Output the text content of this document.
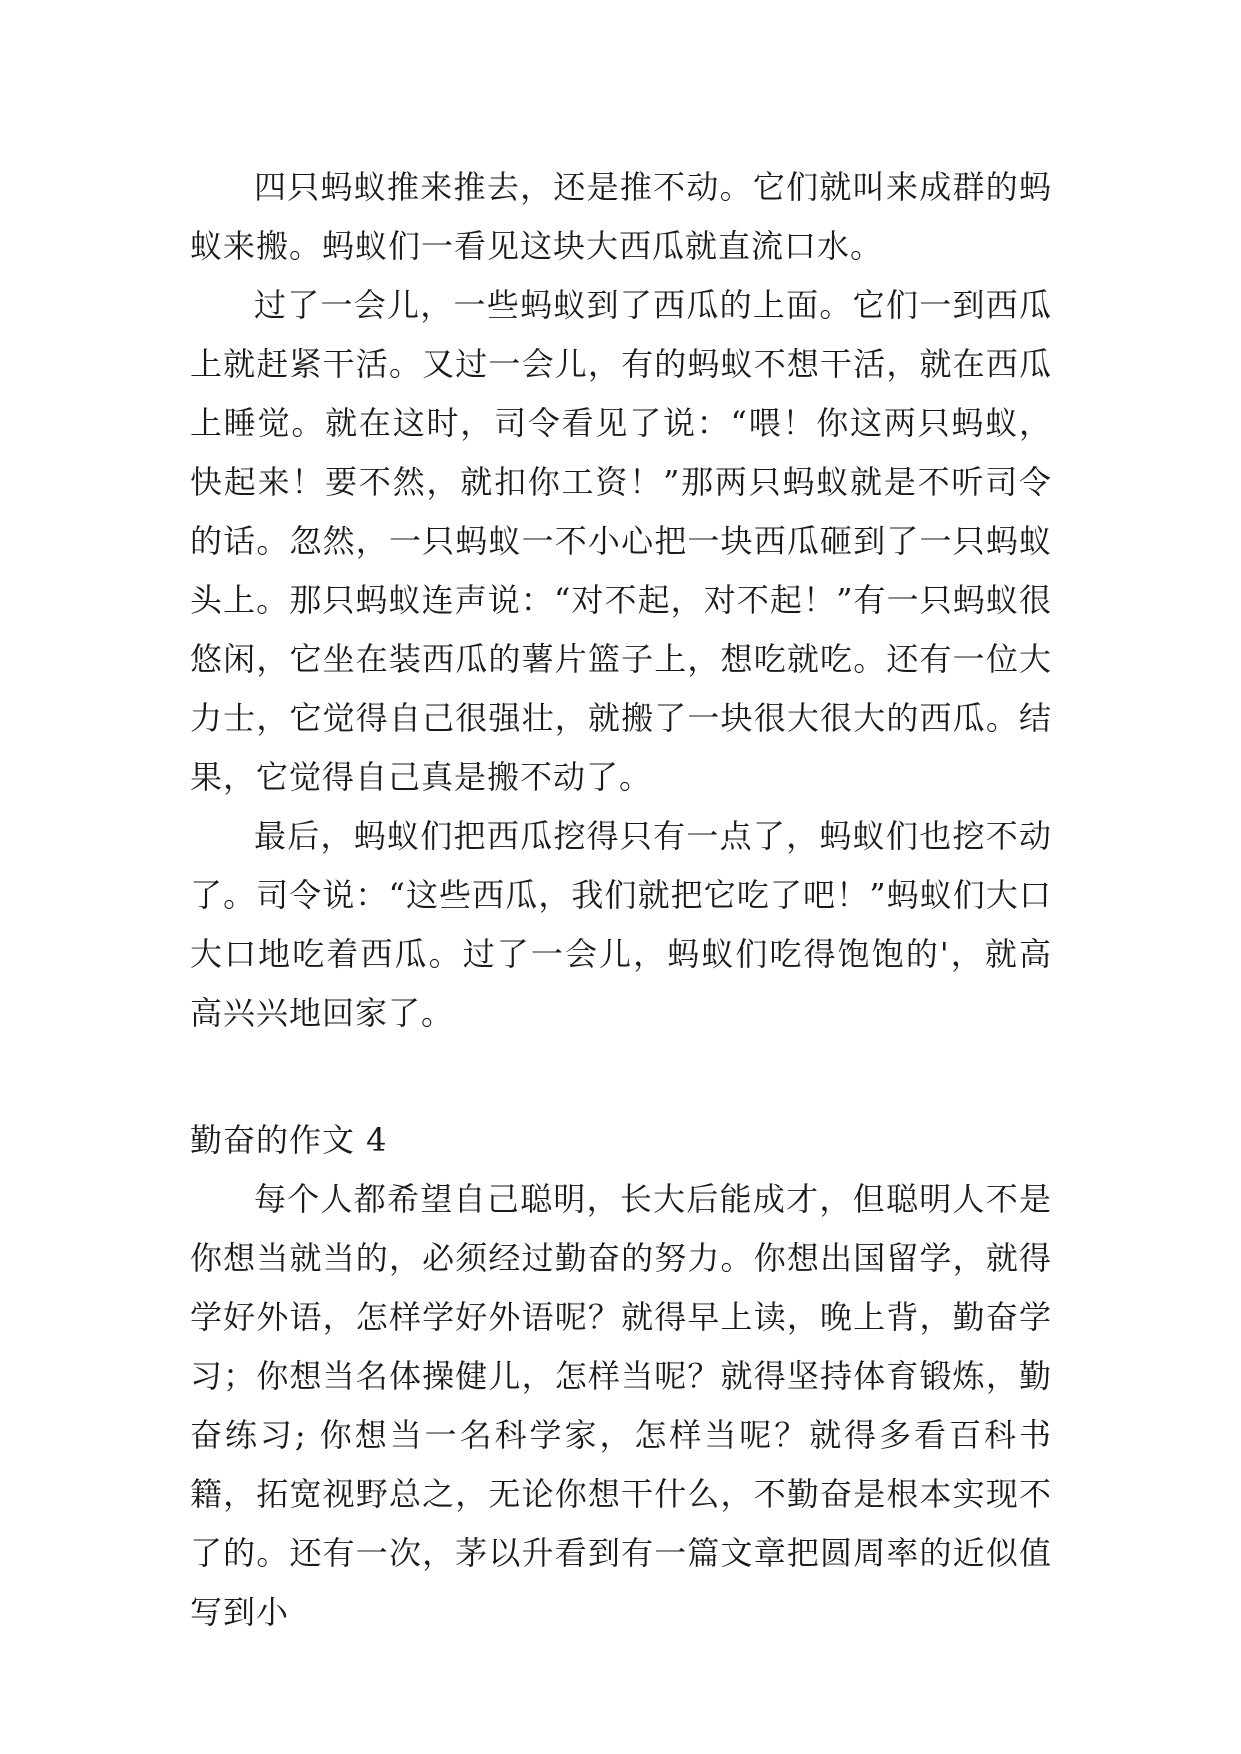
四只蚂蚁推来推去，还是推不动。它们就叫来成群的蚂蚁来搬。蚂蚁们一看见这块大西瓜就直流口水。

过了一会儿，一些蚂蚁到了西瓜的上面。它们一到西瓜上就赶紧干活。又过一会儿，有的蚂蚁不想干活，就在西瓜上睡觉。就在这时，司令看见了说：“喂！你这两只蚂蚁，快起来！要不然，就扣你工资！”那两只蚂蚁就是不听司令的话。忽然，一只蚂蚁一不小心把一块西瓜砸到了一只蚂蚁头上。那只蚂蚁连声说：“对不起，对不起！”有一只蚂蚁很悠闲，它坐在装西瓜的薯片篮子上，想吃就吃。还有一位大力士，它觉得自己很强壮，就搬了一块很大很大的西瓜。结果，它觉得自己真是搬不动了。

最后，蚂蚁们把西瓜挖得只有一点了，蚂蚁们也挖不动了。司令说：“这些西瓜，我们就把它吃了吧！”蚂蚁们大口大口地吃着西瓜。过了一会儿，蚂蚁们吃得饱饱的'，就高高兴兴地回家了。

勤奋的作文 4

每个人都希望自己聪明，长大后能成才，但聪明人不是你想当就当的，必须经过勤奋的努力。你想出国留学，就得学好外语，怎样学好外语呢？就得早上读，晚上背，勤奋学习；你想当名体操健儿，怎样当呢？就得坚持体育锻炼，勤奋练习; 你想当一名科学家，怎样当呢？就得多看百科书籍，拓宽视野总之，无论你想干什么，不勤奋是根本实现不了的。还有一次，茅以升看到有一篇文章把圆周率的近似值写到小
